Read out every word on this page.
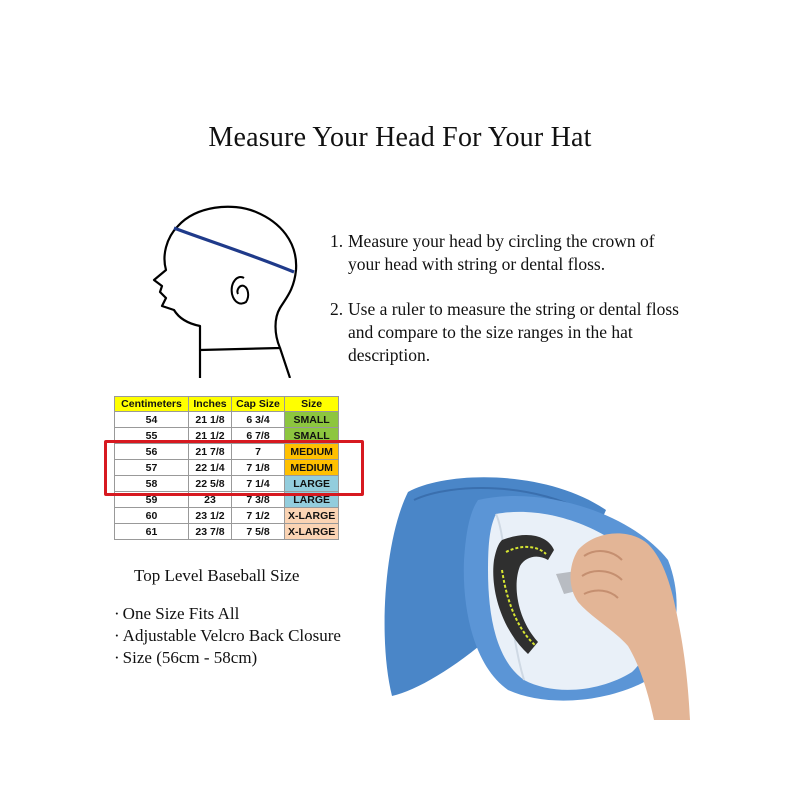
Measure Your Head For Your Hat
1. Measure your head by circling the crown of your head with string or dental floss.
2. Use a ruler to measure the string or dental floss and compare to the size ranges in the hat description.
Centimeters	Inches	Cap Size	Size
54	21 1/8	6 3/4	SMALL
55	21 1/2	6 7/8	SMALL
56	21 7/8	7	MEDIUM
57	22 1/4	7 1/8	MEDIUM
58	22 5/8	7 1/4	LARGE
59	23	7 3/8	LARGE
60	23 1/2	7 1/2	X-LARGE
61	23 7/8	7 5/8	X-LARGE
Top Level Baseball Size
· One Size Fits All
· Adjustable Velcro Back Closure
· Size (56cm - 58cm)
